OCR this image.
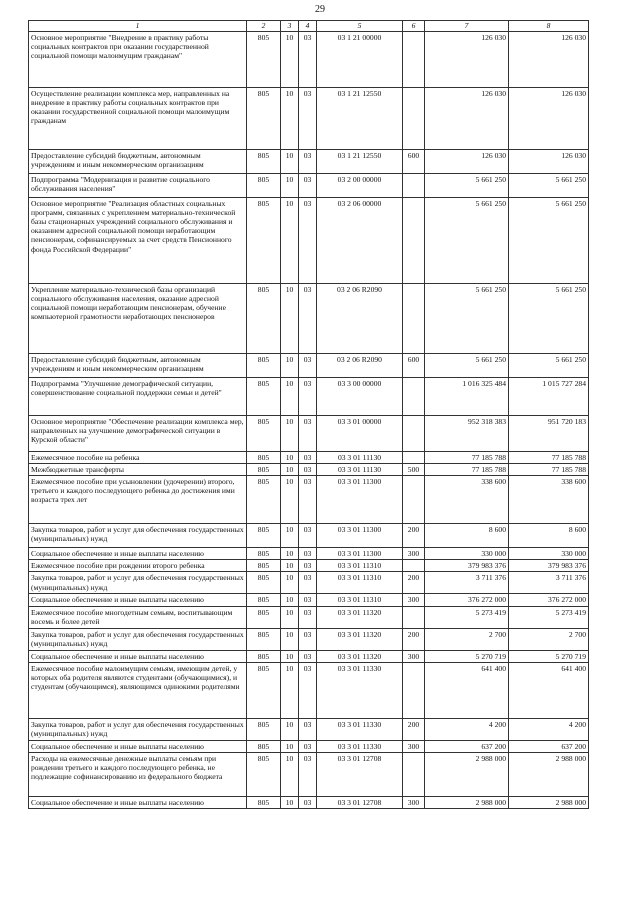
29
1	2	3	4	5	6	7	8
Основное мероприятие "Внедрение в практику работы социальных контрактов при оказании государственной социальной помощи малоимущим гражданам"	805	10	03	03 1 21 00000		126 030	126 030
Осуществление реализации комплекса мер, направленных на внедрение в практику работы социальных контрактов при оказании государственной социальной помощи малоимущим гражданам	805	10	03	03 1 21 12550		126 030	126 030
Предоставление субсидий бюджетным, автономным учреждениям и иным некоммерческим организациям	805	10	03	03 1 21 12550	600	126 030	126 030
Подпрограмма "Модернизация и развитие социального обслуживания населения"	805	10	03	03 2 00 00000		5 661 250	5 661 250
Основное мероприятие "Реализация областных социальных программ, связанных с укреплением материально-технической базы стационарных учреждений социального обслуживания и оказанием адресной социальной помощи неработающим пенсионерам, софинансируемых за счет средств Пенсионного фонда Российской Федерации"	805	10	03	03 2 06 00000		5 661 250	5 661 250
Укрепление материально-технической базы организаций социального обслуживания населения, оказание адресной социальной помощи неработающим пенсионерам, обучение компьютерной грамотности неработающих пенсионеров	805	10	03	03 2 06 R2090		5 661 250	5 661 250
Предоставление субсидий бюджетным, автономным учреждениям и иным некоммерческим организациям	805	10	03	03 2 06 R2090	600	5 661 250	5 661 250
Подпрограмма "Улучшение демографической ситуации, совершенствование социальной поддержки семьи и детей"	805	10	03	03 3 00 00000		1 016 325 484	1 015 727 284
Основное мероприятие "Обеспечение реализации комплекса мер, направленных на улучшение демографической ситуации в Курской области"	805	10	03	03 3 01 00000		952 318 383	951 720 183
Ежемесячное пособие на ребенка	805	10	03	03 3 01 11130		77 185 788	77 185 788
Межбюджетные трансферты	805	10	03	03 3 01 11130	500	77 185 788	77 185 788
Ежемесячное пособие при усыновлении (удочерении) второго, третьего и каждого последующего ребенка до достижения ими возраста трех лет	805	10	03	03 3 01 11300		338 600	338 600
Закупка товаров, работ и услуг для обеспечения государственных (муниципальных) нужд	805	10	03	03 3 01 11300	200	8 600	8 600
Социальное обеспечение и иные выплаты населению	805	10	03	03 3 01 11300	300	330 000	330 000
Ежемесячное пособие при рождении второго ребенка	805	10	03	03 3 01 11310		379 983 376	379 983 376
Закупка товаров, работ и услуг для обеспечения государственных (муниципальных) нужд	805	10	03	03 3 01 11310	200	3 711 376	3 711 376
Социальное обеспечение и иные выплаты населению	805	10	03	03 3 01 11310	300	376 272 000	376 272 000
Ежемесячное пособие многодетным семьям, воспитывающим восемь и более детей	805	10	03	03 3 01 11320		5 273 419	5 273 419
Закупка товаров, работ и услуг для обеспечения государственных (муниципальных) нужд	805	10	03	03 3 01 11320	200	2 700	2 700
Социальное обеспечение и иные выплаты населению	805	10	03	03 3 01 11320	300	5 270 719	5 270 719
Ежемесячное пособие малоимущим семьям, имеющим детей, у которых оба родителя являются студентами (обучающимися), и студентам (обучающимся), являющимся одинокими родителями	805	10	03	03 3 01 11330		641 400	641 400
Закупка товаров, работ и услуг для обеспечения государственных (муниципальных) нужд	805	10	03	03 3 01 11330	200	4 200	4 200
Социальное обеспечение и иные выплаты населению	805	10	03	03 3 01 11330	300	637 200	637 200
Расходы на ежемесячные денежные выплаты семьям при рождении третьего и каждого последующего ребенка, не подлежащие софинансированию из федерального бюджета	805	10	03	03 3 01 12708		2 988 000	2 988 000
Социальное обеспечение и иные выплаты населению	805	10	03	03 3 01 12708	300	2 988 000	2 988 000
